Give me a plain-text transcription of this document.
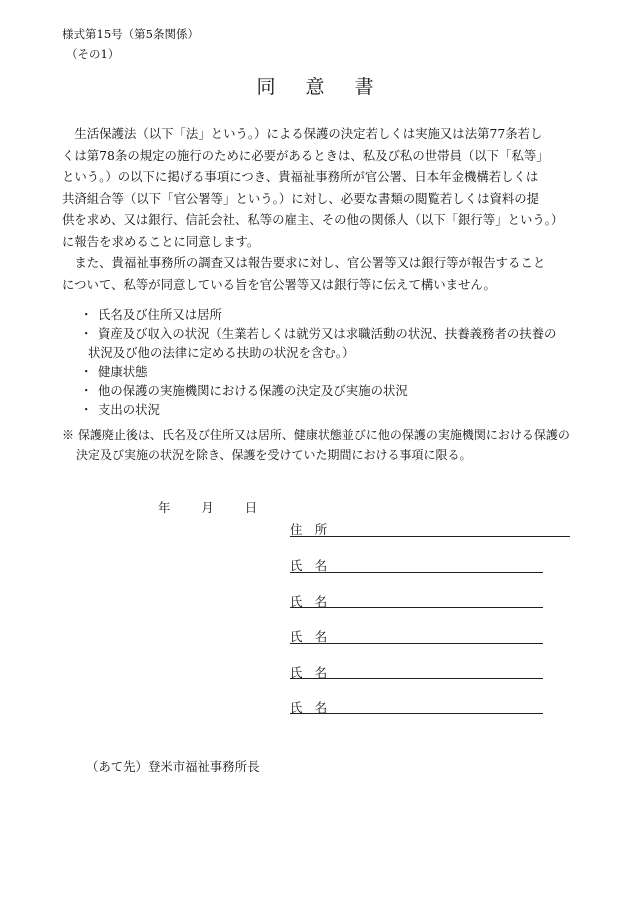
様式第15号（第5条関係）
（その1）
同意書
　生活保護法（以下「法」という。）による保護の決定若しくは実施又は法第77条若し
くは第78条の規定の施行のために必要があるときは、私及び私の世帯員（以下「私等」
という。）の以下に掲げる事項につき、貴福祉事務所が官公署、日本年金機構若しくは
共済組合等（以下「官公署等」という。）に対し、必要な書類の閲覧若しくは資料の提
供を求め、又は銀行、信託会社、私等の雇主、その他の関係人（以下「銀行等」という。）
に報告を求めることに同意します。
　また、貴福祉事務所の調査又は報告要求に対し、官公署等又は銀行等が報告すること
について、私等が同意している旨を官公署等又は銀行等に伝えて構いません。
・ 氏名及び住所又は居所
・ 資産及び収入の状況（生業若しくは就労又は求職活動の状況、扶養義務者の扶養の
状況及び他の法律に定める扶助の状況を含む。）
・ 健康状態
・ 他の保護の実施機関における保護の決定及び実施の状況
・ 支出の状況
※ 保護廃止後は、氏名及び住所又は居所、健康状態並びに他の保護の実施機関における保護の
決定及び実施の状況を除き、保護を受けていた期間における事項に限る。
年 月 日
住　所
氏　名
氏　名
氏　名
氏　名
氏　名
（あて先）登米市福祉事務所長
